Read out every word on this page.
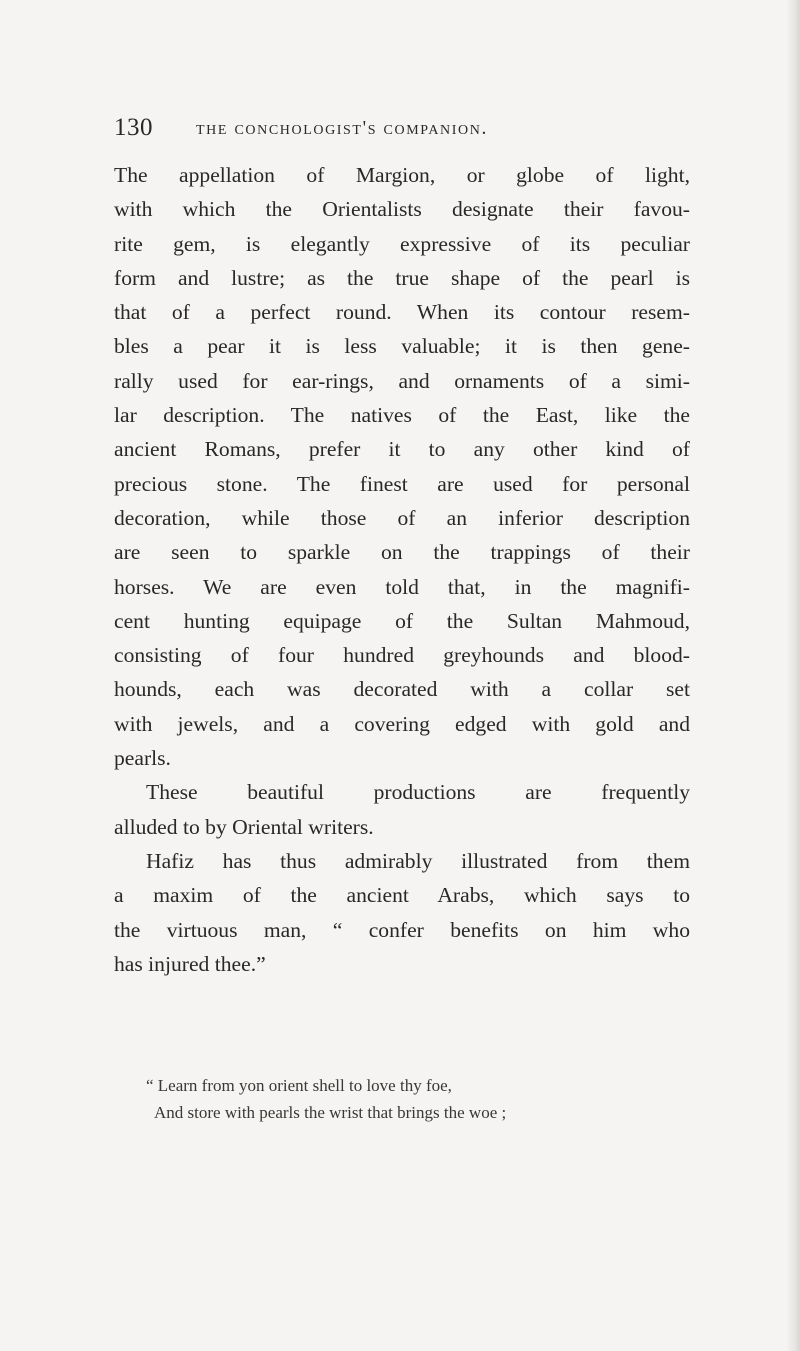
130 the conchologist's companion.
The appellation of Margion, or globe of light,
with which the Orientalists designate their favou-
rite gem, is elegantly expressive of its peculiar
form and lustre; as the true shape of the pearl is
that of a perfect round. When its contour resem-
bles a pear it is less valuable; it is then gene-
rally used for ear-rings, and ornaments of a simi-
lar description. The natives of the East, like the
ancient Romans, prefer it to any other kind of
precious stone. The finest are used for personal
decoration, while those of an inferior description
are seen to sparkle on the trappings of their
horses. We are even told that, in the magnifi-
cent hunting equipage of the Sultan Mahmoud,
consisting of four hundred greyhounds and blood-
hounds, each was decorated with a collar set
with jewels, and a covering edged with gold and
pearls.
These beautiful productions are frequently
alluded to by Oriental writers.
Hafiz has thus admirably illustrated from them
a maxim of the ancient Arabs, which says to
the virtuous man, “ confer benefits on him who
has injured thee.”
“ Learn from yon orient shell to love thy foe,
And store with pearls the wrist that brings the woe ;
